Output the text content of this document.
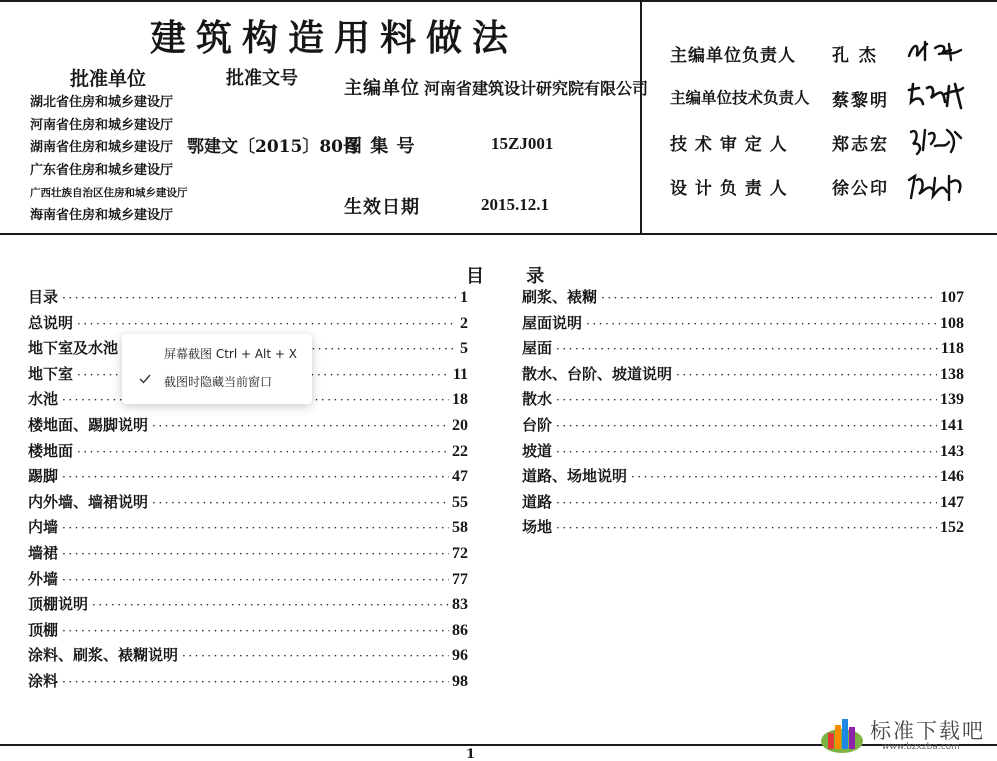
建筑构造用料做法
批准单位	批准文号
湖北省住房和城乡建设厅
河南省住房和城乡建设厅
湖南省住房和城乡建设厅
广东省住房和城乡建设厅
广西壮族自治区住房和城乡建设厅
海南省住房和城乡建设厅
鄂建文〔2015〕80号
主编单位 河南省建筑设计研究院有限公司
图 集 号	15ZJ001
生效日期	2015.12.1
主编单位负责人 孔 杰
主编单位技术负责人 蔡黎明
技 术 审 定 人	郑志宏
设 计 负 责 人	徐公印
目 录
目录 ·····	1
总说明 ·····	2
地下室及水池 ·····	5
地下室 ·····	11
水池 ·····	18
楼地面、踢脚说明 ·····	20
楼地面 ·····	22
踢脚 ·····	47
内外墙、墙裙说明 ·····	55
内墙 ·····	58
墙裙 ·····	72
外墙 ·····	77
顶棚说明 ·····	83
顶棚 ·····	86
涂料、刷浆、裱糊说明 ·····	96
涂料 ·····	98
刷浆、裱糊 ·····	107
屋面说明 ·····	108
屋面 ·····	118
散水、台阶、坡道说明 ·····	138
散水 ·····	139
台阶 ·····	141
坡道 ·····	143
道路、场地说明 ·····	146
道路 ·····	147
场地 ·····	152
1
屏幕截图 Ctrl + Alt + X
截图时隐藏当前窗口
标准下载吧
www.bzxzba.com
